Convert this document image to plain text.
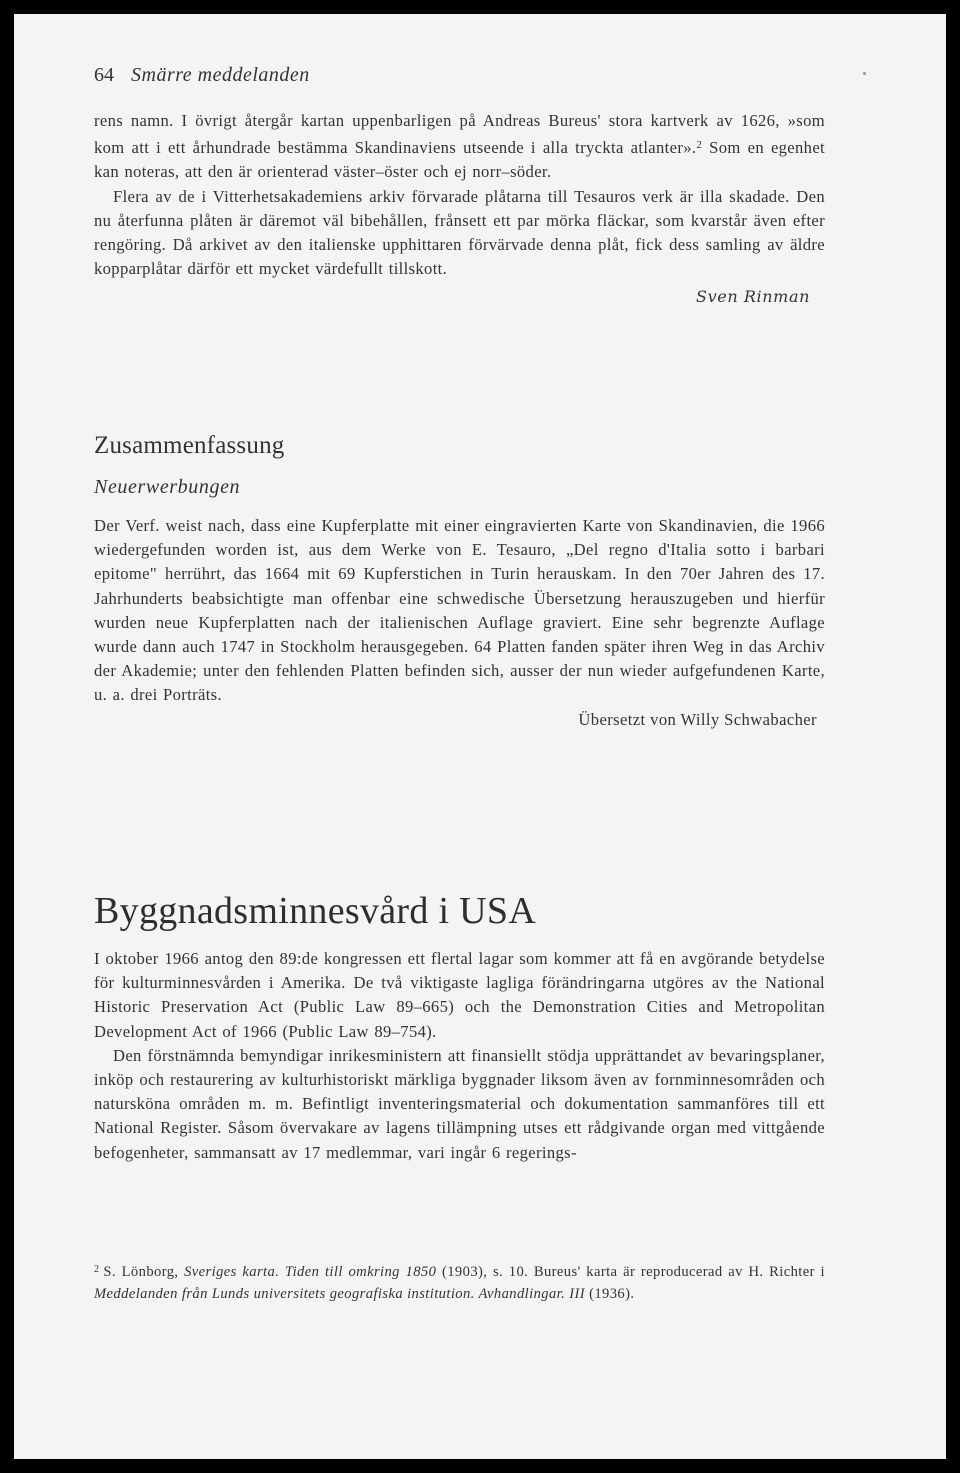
64 Smärre meddelanden

rens namn. I övrigt återgår kartan uppenbarligen på Andreas Bureus' stora kartverk av 1626, »som kom att i ett århundrade bestämma Skandinaviens utseende i alla tryckta atlanter».$^2$ Som en egenhet kan noteras, att den är orienterad väster–öster och ej norr–söder.

Flera av de i Vitterhetsakademiens arkiv förvarade plåtarna till Tesauros verk är illa skadade. Den nu återfunna plåten är däremot väl bibehållen, frånsett ett par mörka fläckar, som kvarstår även efter rengöring. Då arkivet av den italienske upphittaren förvärvade denna plåt, fick dess samling av äldre kopparplåtar därför ett mycket värdefullt tillskott.

Sven Rinman

Zusammenfassung

Neuerwerbungen

Der Verf. weist nach, dass eine Kupferplatte mit einer eingravierten Karte von Skandinavien, die 1966 wiedergefunden worden ist, aus dem Werke von E. Tesauro, „Del regno d'Italia sotto i barbari epitome" herrührt, das 1664 mit 69 Kupferstichen in Turin herauskam. In den 70er Jahren des 17. Jahrhunderts beabsichtigte man offenbar eine schwedische Übersetzung herauszugeben und hierfür wurden neue Kupferplatten nach der italienischen Auflage graviert. Eine sehr begrenzte Auflage wurde dann auch 1747 in Stockholm herausgegeben. 64 Platten fanden später ihren Weg in das Archiv der Akademie; unter den fehlenden Platten befinden sich, ausser der nun wieder aufgefundenen Karte, u. a. drei Porträts.

Übersetzt von Willy Schwabacher

Byggnadsminnesvård i USA

I oktober 1966 antog den 89:de kongressen ett flertal lagar som kommer att få en avgörande betydelse för kulturminnesvården i Amerika. De två viktigaste lagliga förändringarna utgöres av the National Historic Preservation Act (Public Law 89–665) och the Demonstration Cities and Metropolitan Development Act of 1966 (Public Law 89–754).

Den förstnämnda bemyndigar inrikesministern att finansiellt stödja upprättandet av bevaringsplaner, inköp och restaurering av kulturhistoriskt märkliga byggnader liksom även av fornminnesområden och natursköna områden m. m. Befintligt inventeringsmaterial och dokumentation sammanföres till ett National Register. Såsom övervakare av lagens tillämpning utses ett rådgivande organ med vittgående befogenheter, sammansatt av 17 medlemmar, vari ingår 6 regerings-

$^2$ S. Lönborg, Sveriges karta. Tiden till omkring 1850 (1903), s. 10. Bureus' karta är reproducerad av H. Richter i Meddelanden från Lunds universitets geografiska institution. Avhandlingar. III (1936).
